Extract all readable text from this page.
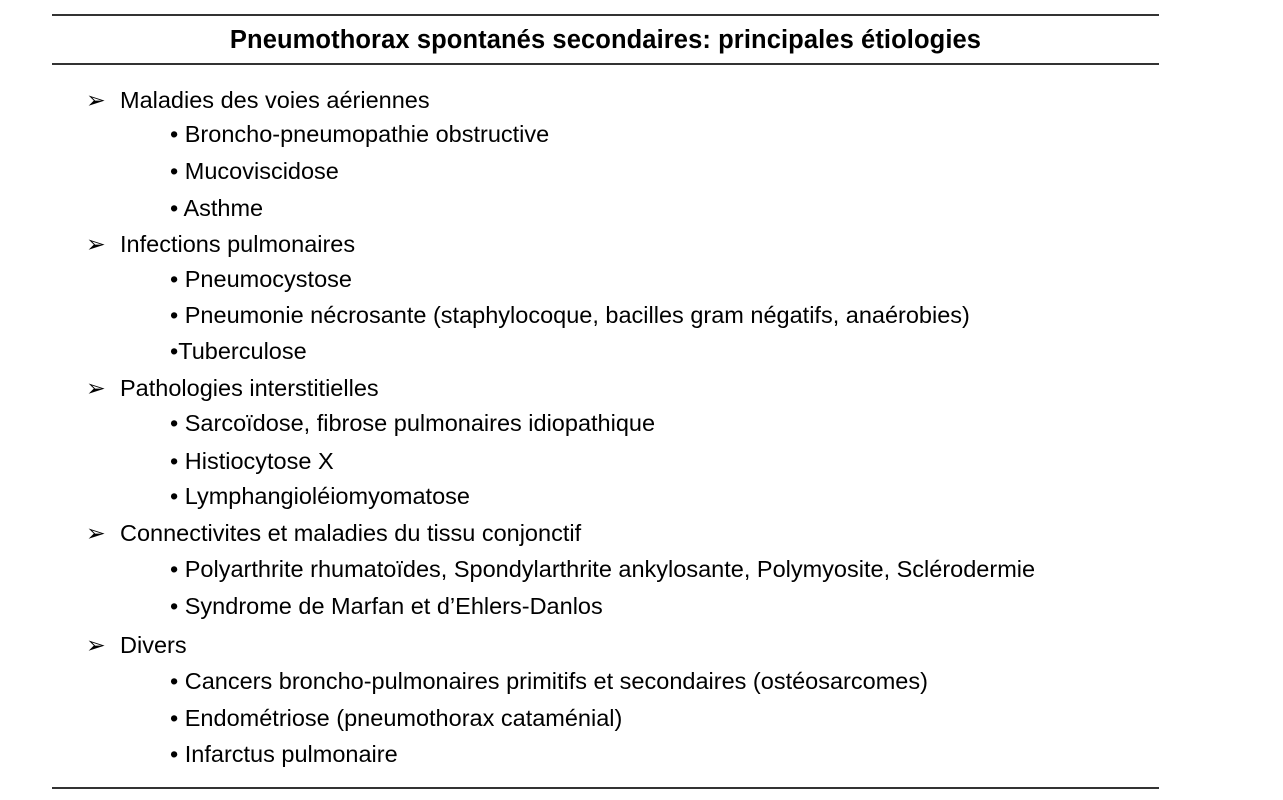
Pneumothorax spontanés secondaires: principales étiologies
➢ Maladies des voies aériennes
• Broncho-pneumopathie obstructive
• Mucoviscidose
• Asthme
➢ Infections pulmonaires
• Pneumocystose
• Pneumonie nécrosante (staphylocoque, bacilles gram négatifs, anaérobies)
•Tuberculose
➢ Pathologies interstitielles
• Sarcoïdose, fibrose pulmonaires idiopathique
• Histiocytose X
• Lymphangioléiomyomatose
➢ Connectivites et maladies du tissu conjonctif
• Polyarthrite rhumatoïdes, Spondylarthrite ankylosante, Polymyosite, Sclérodermie
• Syndrome de Marfan et d’Ehlers-Danlos
➢ Divers
• Cancers broncho-pulmonaires primitifs et secondaires (ostéosarcomes)
• Endométriose (pneumothorax cataménial)
• Infarctus pulmonaire
